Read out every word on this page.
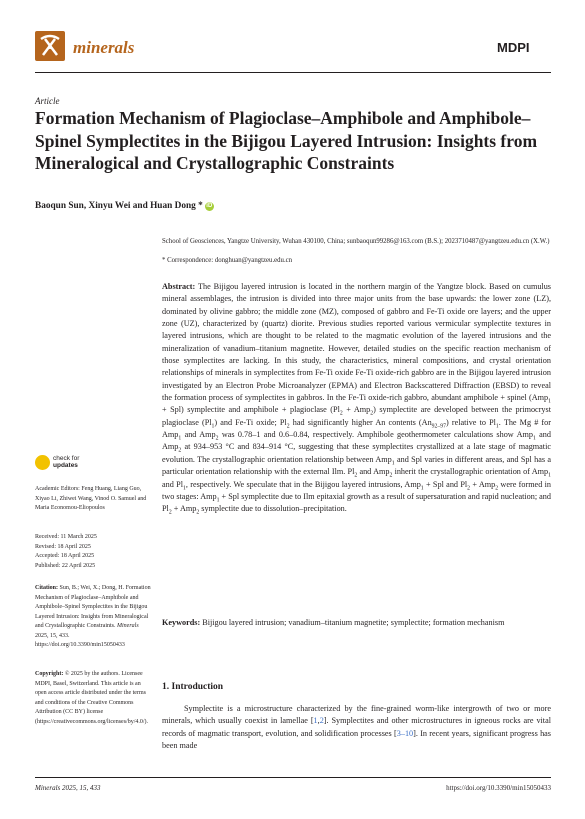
minerals	MDPI
Article
Formation Mechanism of Plagioclase–Amphibole and Amphibole–Spinel Symplectites in the Bijigou Layered Intrusion: Insights from Mineralogical and Crystallographic Constraints
Baoqun Sun, Xinyu Wei and Huan Dong * iD
School of Geosciences, Yangtze University, Wuhan 430100, China; sunbaoqun99286@163.com (B.S.); 2023710487@yangtzeu.edu.cn (X.W.)
* Correspondence: donghuan@yangtzeu.edu.cn
Abstract: The Bijigou layered intrusion is located in the northern margin of the Yangtze block. Based on cumulus mineral assemblages, the intrusion is divided into three major units from the base upwards: the lower zone (LZ), dominated by olivine gabbro; the middle zone (MZ), composed of gabbro and Fe-Ti oxide ore layers; and the upper zone (UZ), characterized by (quartz) diorite. Previous studies reported various vermicular symplectite textures in layered intrusions, which are thought to be related to the magmatic evolution of the layered intrusions and the mineralization of vanadium–titanium magnetite. However, detailed studies on the specific reaction mechanism of those symplectites are lacking. In this study, the characteristics, mineral compositions, and crystal orientation relationships of minerals in symplectites from Fe-Ti oxide Fe-Ti oxide-rich gabbro are in the Bijigou layered intrusion investigated by an Electron Probe Microanalyzer (EPMA) and Electron Backscattered Diffraction (EBSD) to reveal the formation process of symplectites in gabbros. In the Fe-Ti oxide-rich gabbro, abundant amphibole + spinel (Amp$_1$ + Spl) symplectite and amphibole + plagioclase $(Pl_2 + Amp_2)$ symplectite are developed between the primocryst plagioclase $(Pl_1)$ and Fe-Ti oxide; $Pl_2$ had significantly higher An contents $(An_{92-97})$ relative to $Pl_1$. The Mg # for Amp$_1$ and Amp$_2$ was 0.78–1 and 0.6–0.84, respectively. Amphibole geothermometer calculations show Amp$_1$ and Amp$_2$ at 934–953 °C and 834–914 °C, suggesting that these symplectites crystallized at a late stage of magmatic evolution. The crystallographic orientation relationship between Amp$_1$ and Spl varies in different areas, and Spl has a particular orientation relationship with the external Ilm. $Pl_2$ and Amp$_2$ inherit the crystallographic orientation of Amp$_1$ and $Pl_1$, respectively. We speculate that in the Bijigou layered intrusions, Amp$_1$ + Spl and $Pl_2 + Amp_2$ were formed in two stages: Amp$_1$ + Spl symplectite due to Ilm epitaxial growth as a result of supersaturation and rapid nucleation; and $Pl_2 + Amp_2$ symplectite due to dissolution–precipitation.
Keywords: Bijigou layered intrusion; vanadium–titanium magnetite; symplectite; formation mechanism
1. Introduction
Symplectite is a microstructure characterized by the fine-grained worm-like intergrowth of two or more minerals, which usually coexist in lamellae [1,2]. Symplectites and other microstructures in igneous rocks are vital records of magmatic transport, evolution, and solidification processes [3–10]. In recent years, significant progress has been made
check for
updates
Academic Editors: Feng Huang, Liang Guo, Xiyao Li, Zhiwei Wang, Vinod O. Samuel and Maria Economou-Eliopoulos
Received: 11 March 2025
Revised: 18 April 2025
Accepted: 18 April 2025
Published: 22 April 2025
Citation: Sun, B.; Wei, X.; Dong, H. Formation Mechanism of Plagioclase–Amphibole and Amphibole–Spinel Symplectites in the Bijigou Layered Intrusion: Insights from Mineralogical and Crystallographic Constraints. Minerals 2025, 15, 433. https://doi.org/10.3390/min15050433
Copyright: © 2025 by the authors. Licensee MDPI, Basel, Switzerland. This article is an open access article distributed under the terms and conditions of the Creative Commons Attribution (CC BY) license (https://creativecommons.org/licenses/by/4.0/).
Minerals 2025, 15, 433	https://doi.org/10.3390/min15050433
